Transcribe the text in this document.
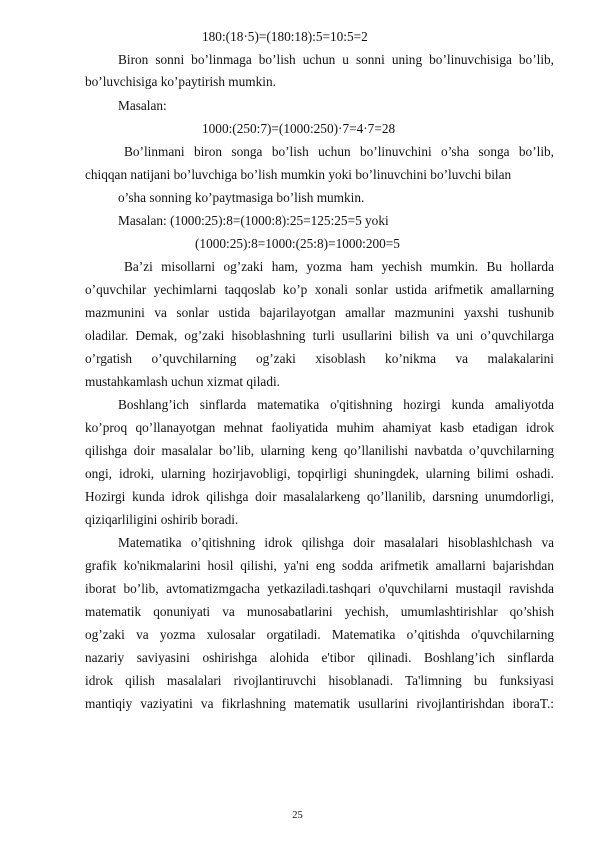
180:(18·5)=(180:18):5=10:5=2
Biron sonni bo’linmaga bo’lish uchun u sonni uning bo’linuvchisiga bo’lib,
bo’luvchisiga ko’paytirish mumkin.
Masalan:
1000:(250:7)=(1000:250)·7=4·7=28
Bo’linmani biron songa bo’lish uchun bo’linuvchini o’sha songa bo’lib,
chiqqan natijani bo’luvchiga bo’lish mumkin yoki bo’linuvchini bo’luvchi bilan
o’sha sonning ko’paytmasiga bo’lish mumkin.
Masalan: (1000:25):8=(1000:8):25=125:25=5 yoki
(1000:25):8=1000:(25:8)=1000:200=5
Ba’zi misollarni og’zaki ham, yozma ham yechish mumkin. Bu hollarda
o’quvchilar yechimlarni taqqoslab ko’p xonali sonlar ustida arifmetik amallarning
mazmunini va sonlar ustida bajarilayotgan amallar mazmunini yaxshi tushunib
oladilar. Demak, og’zaki hisoblashning turli usullarini bilish va uni o’quvchilarga
o’rgatish o’quvchilarning og’zaki xisoblash ko’nikma va malakalarini
mustahkamlash uchun xizmat qiladi.
Boshlang’ich sinflarda matematika o'qitishning hozirgi kunda amaliyotda
ko’proq qo’llanayotgan mehnat faoliyatida muhim ahamiyat kasb etadigan idrok
qilishga doir masalalar bo’lib, ularning keng qo’llanilishi navbatda o’quvchilarning
ongi, idroki, ularning hozirjavobligi, topqirligi shuningdek, ularning bilimi oshadi.
Hozirgi kunda idrok qilishga doir masalalarkeng qo’llanilib, darsning unumdorligi,
qiziqarliligini oshirib boradi.
Matematika o’qitishning idrok qilishga doir masalalari hisoblashlchash va
grafik ko'nikmalarini hosil qilishi, ya'ni eng sodda arifmetik amallarni bajarishdan
iborat bo’lib, avtomatizmgacha yetkaziladi.tashqari o'quvchilarni mustaqil ravishda
matematik qonuniyati va munosabatlarini yechish, umumlashtirishlar qo’shish
og’zaki va yozma xulosalar orgatiladi. Matematika o’qitishda o'quvchilarning
nazariy saviyasini oshirishga alohida e'tibor qilinadi. Boshlang’ich sinflarda
idrok qilish masalalari rivojlantiruvchi hisoblanadi. Ta'limning bu funksiyasi
mantiqiy vaziyatini va fikrlashning matematik usullarini rivojlantirishdan iboraT.:
25
